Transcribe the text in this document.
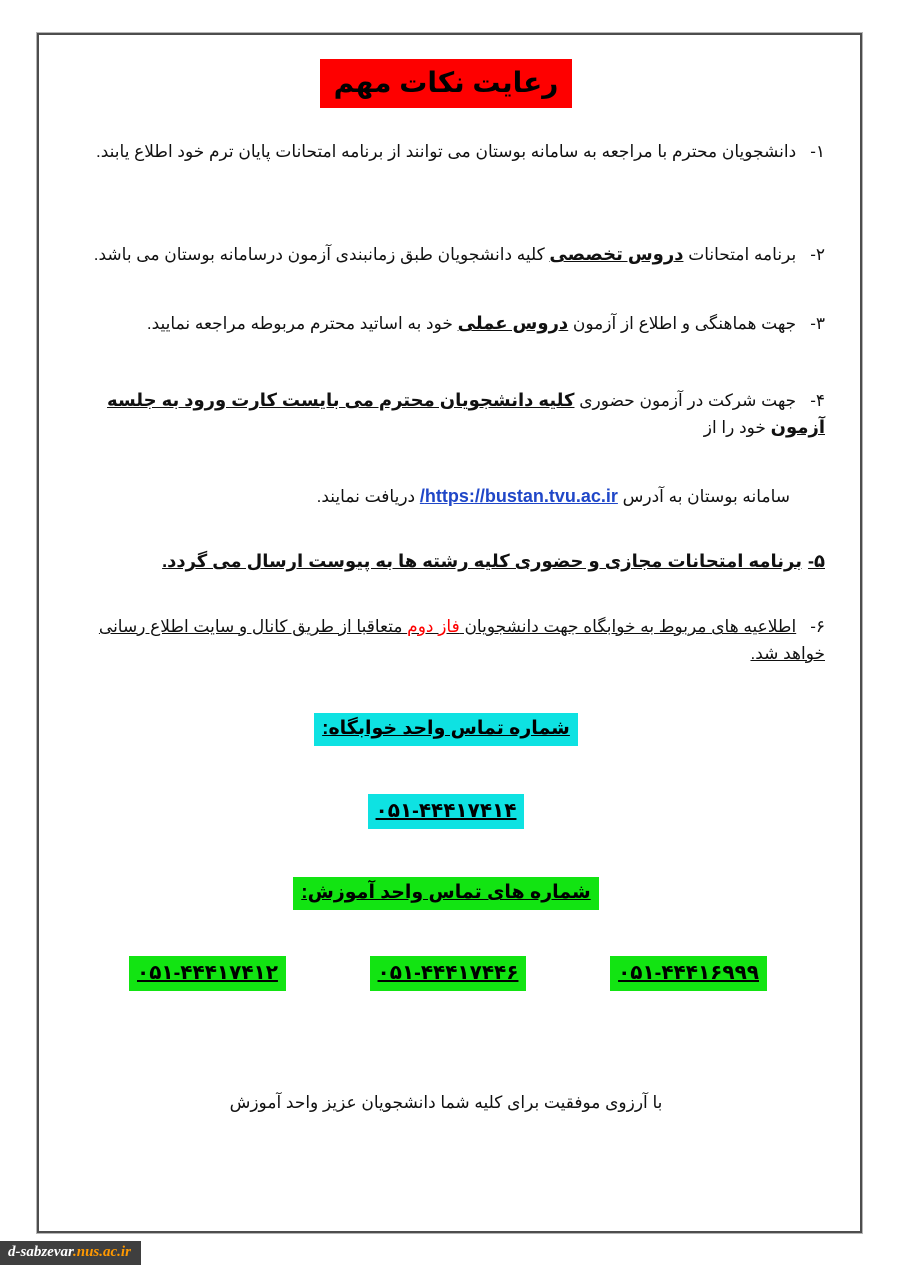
رعایت نکات مهم
۱-دانشجویان محترم با مراجعه به سامانه بوستان می توانند از برنامه امتحانات پایان ترم خود اطلاع یابند.
۲-برنامه امتحانات دروس تخصصی کلیه دانشجویان طبق زمانبندی آزمون درسامانه بوستان می باشد.
۳-جهت هماهنگی و اطلاع از آزمون دروس عملی خود به اساتید محترم مربوطه مراجعه نمایید.
۴-جهت شرکت در آزمون حضوری کلیه دانشجویان محترم می بایست کارت ورود به جلسه آزمون خود را از
سامانه بوستان به آدرس https://bustan.tvu.ac.ir/ دریافت نمایند.
۵-برنامه امتحانات مجازی و حضوری کلیه رشته ها به پیوست ارسال می گردد.
۶-اطلاعیه های مربوط به خوابگاه جهت دانشجویان فاز دوم متعاقبا از طریق کانال و سایت اطلاع رسانی خواهد شد.
شماره تماس واحد خوابگاه:
۰۵۱-۴۴۴۱۷۴۱۴
شماره های تماس واحد آموزش:
۰۵۱-۴۴۴۱۷۴۱۲	۰۵۱-۴۴۴۱۷۴۴۶	۰۵۱-۴۴۴۱۶۹۹۹
با آرزوی موفقیت برای کلیه شما دانشجویان عزیز واحد آموزش
d-sabzevar.nus.ac.ir
